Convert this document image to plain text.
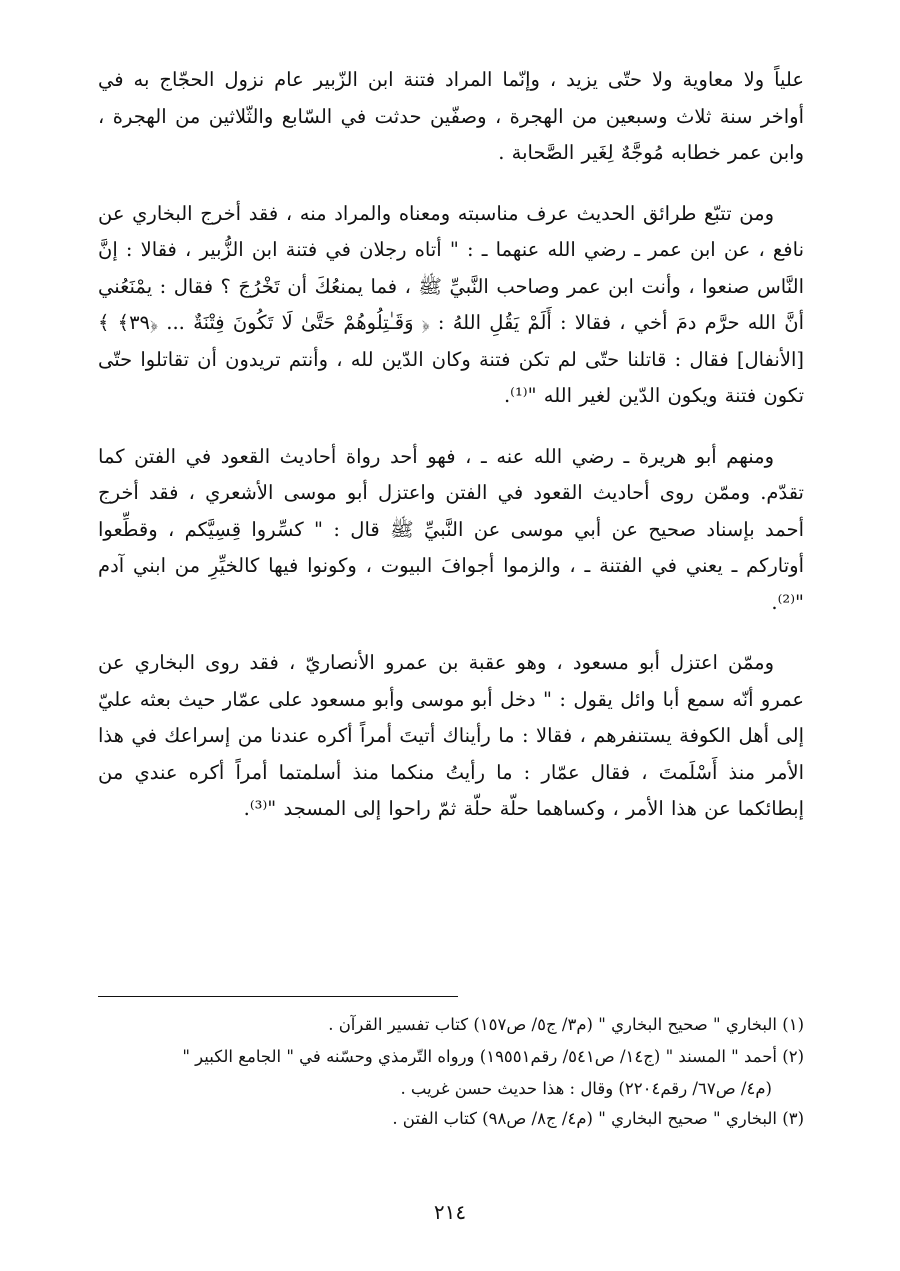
علياً ولا معاوية ولا حتّى يزيد ، وإنّما المراد فتنة ابن الزّبير عام نزول الحجّاج به في أواخر سنة ثلاث وسبعين من الهجرة ، وصفّين حدثت في السّابع والثّلاثين من الهجرة ، وابن عمر خطابه مُوجَّهٌ لِغَير الصَّحابة .

ومن تتبّع طرائق الحديث عرف مناسبته ومعناه والمراد منه ، فقد أخرج البخاري عن نافع ، عن ابن عمر ـ رضي الله عنهما ـ : " أتاه رجلان في فتنة ابن الزُّبير ، فقالا : إنَّ النَّاس صنعوا ، وأنت ابن عمر وصاحب النَّبيِّ ﷺ ، فما يمنعُكَ أن تَخْرُجَ ؟ فقال : يمْنَعُني أنَّ الله حرَّم دمَ أخي ، فقالا : أَلَمْ يَقُلِ اللهُ : ﴿ وَقَـٰتِلُوهُمْ حَتَّىٰ لَا تَكُونَ فِتْنَةٌ ... ﴿٣٩﴾ ﴾ [الأنفال] فقال : قاتلنا حتّى لم تكن فتنة وكان الدّين لله ، وأنتم تريدون أن تقاتلوا حتّى تكون فتنة ويكون الدّين لغير الله "⁽¹⁾.

ومنهم أبو هريرة ـ رضي الله عنه ـ ، فهو أحد رواة أحاديث القعود في الفتن كما تقدّم. وممّن روى أحاديث القعود في الفتن واعتزل أبو موسى الأشعري ، فقد أخرج أحمد بإسناد صحيح عن أبي موسى عن النَّبيِّ ﷺ قال : " كسِّروا قِسِيَّكم ، وقطِّعوا أوتاركم ـ يعني في الفتنة ـ ، والزموا أجوافَ البيوت ، وكونوا فيها كالخيِّرِ من ابني آدم "⁽²⁾.

وممّن اعتزل أبو مسعود ، وهو عقبة بن عمرو الأنصاريّ ، فقد روى البخاري عن عمرو أنّه سمع أبا وائل يقول : " دخل أبو موسى وأبو مسعود على عمّار حيث بعثه عليّ إلى أهل الكوفة يستنفرهم ، فقالا : ما رأيناك أتيتَ أمراً أكره عندنا من إسراعك في هذا الأمر منذ أَسْلَمتَ ، فقال عمّار : ما رأيتُ منكما منذ أسلمتما أمراً أكره عندي من إبطائكما عن هذا الأمر ، وكساهما حلّة حلّة ثمّ راحوا إلى المسجد "⁽³⁾.

(١) البخاري " صحيح البخاري " (م٣/ ج٥/ ص١٥٧) كتاب تفسير القرآن .

(٢) أحمد " المسند " (ج١٤/ ص٥٤١/ رقم١٩٥٥١) ورواه التّرمذي وحسّنه في " الجامع الكبير "

(م٤/ ص٦٧/ رقم٢٢٠٤) وقال : هذا حديث حسن غريب .

(٣) البخاري " صحيح البخاري " (م٤/ ج٨/ ص٩٨) كتاب الفتن .

٢١٤
